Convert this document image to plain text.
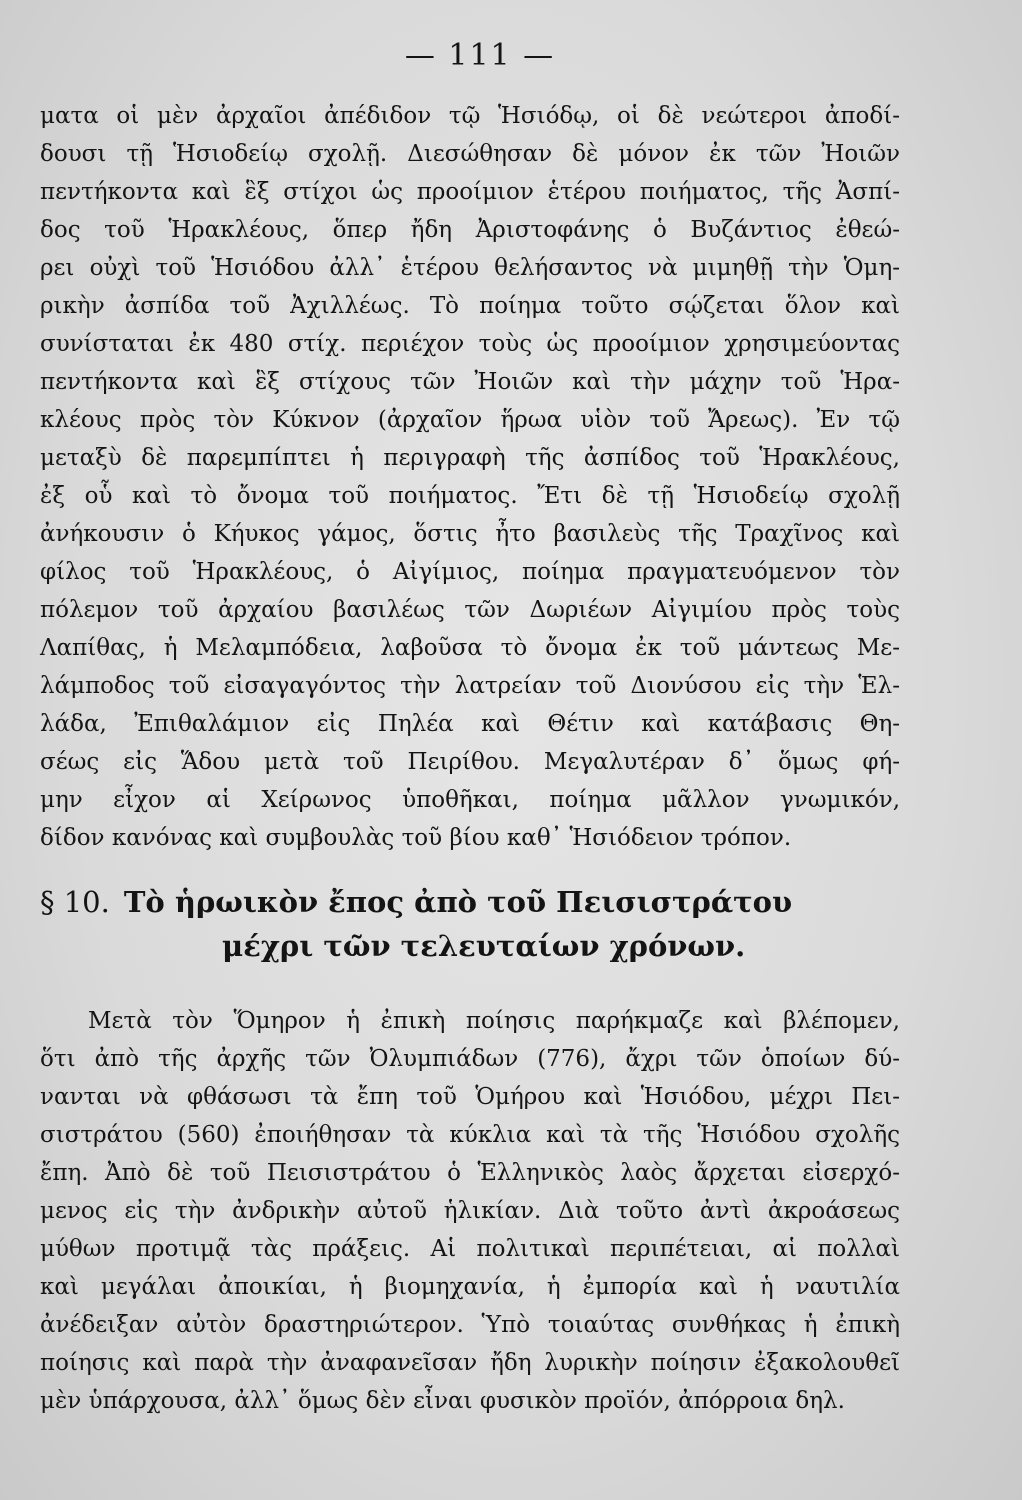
— 111 —
ματα οἱ μὲν ἀρχαῖοι ἀπέδιδον τῷ Ἡσιόδῳ, οἱ δὲ νεώτεροι ἀποδί-
δουσι τῇ Ἡσιοδείῳ σχολῇ. Διεσώθησαν δὲ μόνον ἐκ τῶν Ἠοιῶν
πεντήκοντα καὶ ἓξ στίχοι ὡς προοίμιον ἑτέρου ποιήματος, τῆς Ἀσπί-
δος τοῦ Ἡρακλέους, ὅπερ ἤδη Ἀριστοφάνης ὁ Βυζάντιος ἐθεώ-
ρει οὐχὶ τοῦ Ἡσιόδου ἀλλ᾽ ἑτέρου θελήσαντος νὰ μιμηθῇ τὴν Ὁμη-
ρικὴν ἀσπίδα τοῦ Ἀχιλλέως. Τὸ ποίημα τοῦτο σῴζεται ὅλον καὶ
συνίσταται ἐκ 480 στίχ. περιέχον τοὺς ὡς προοίμιον χρησιμεύοντας
πεντήκοντα καὶ ἓξ στίχους τῶν Ἠοιῶν καὶ τὴν μάχην τοῦ Ἡρα-
κλέους πρὸς τὸν Κύκνον (ἀρχαῖον ἥρωα υἱὸν τοῦ Ἄρεως). Ἐν τῷ
μεταξὺ δὲ παρεμπίπτει ἡ περιγραφὴ τῆς ἀσπίδος τοῦ Ἡρακλέους,
ἐξ οὗ καὶ τὸ ὄνομα τοῦ ποιήματος. Ἔτι δὲ τῇ Ἡσιοδείῳ σχολῇ
ἀνήκουσιν ὁ Κήυκος γάμος, ὅστις ἦτο βασιλεὺς τῆς Τραχῖνος καὶ
φίλος τοῦ Ἡρακλέους, ὁ Αἰγίμιος, ποίημα πραγματευόμενον τὸν
πόλεμον τοῦ ἀρχαίου βασιλέως τῶν Δωριέων Αἰγιμίου πρὸς τοὺς
Λαπίθας, ἡ Μελαμπόδεια, λαβοῦσα τὸ ὄνομα ἐκ τοῦ μάντεως Με-
λάμποδος τοῦ εἰσαγαγόντος τὴν λατρείαν τοῦ Διονύσου εἰς τὴν Ἑλ-
λάδα, Ἐπιθαλάμιον εἰς Πηλέα καὶ Θέτιν καὶ κατάβασις Θη-
σέως εἰς Ἅδου μετὰ τοῦ Πειρίθου. Μεγαλυτέραν δ᾽ ὅμως φή-
μην εἶχον αἱ Χείρωνος ὑποθῆκαι, ποίημα μᾶλλον γνωμικόν,
δίδον κανόνας καὶ συμβουλὰς τοῦ βίου καθ᾽ Ἡσιόδειον τρόπον.
§ 10. Τὸ ἡρωικὸν ἔπος ἀπὸ τοῦ Πεισιστράτου
μέχρι τῶν τελευταίων χρόνων.
Μετὰ τὸν Ὅμηρον ἡ ἐπικὴ ποίησις παρήκμαζε καὶ βλέπομεν,
ὅτι ἀπὸ τῆς ἀρχῆς τῶν Ὀλυμπιάδων (776), ἄχρι τῶν ὁποίων δύ-
νανται νὰ φθάσωσι τὰ ἔπη τοῦ Ὁμήρου καὶ Ἡσιόδου, μέχρι Πει-
σιστράτου (560) ἐποιήθησαν τὰ κύκλια καὶ τὰ τῆς Ἡσιόδου σχολῆς
ἔπη. Ἀπὸ δὲ τοῦ Πεισιστράτου ὁ Ἑλληνικὸς λαὸς ἄρχεται εἰσερχό-
μενος εἰς τὴν ἀνδρικὴν αὐτοῦ ἡλικίαν. Διὰ τοῦτο ἀντὶ ἀκροάσεως
μύθων προτιμᾷ τὰς πράξεις. Αἱ πολιτικαὶ περιπέτειαι, αἱ πολλαὶ
καὶ μεγάλαι ἀποικίαι, ἡ βιομηχανία, ἡ ἐμπορία καὶ ἡ ναυτιλία
ἀνέδειξαν αὐτὸν δραστηριώτερον. Ὑπὸ τοιαύτας συνθήκας ἡ ἐπικὴ
ποίησις καὶ παρὰ τὴν ἀναφανεῖσαν ἤδη λυρικὴν ποίησιν ἐξακολουθεῖ
μὲν ὑπάρχουσα, ἀλλ᾽ ὅμως δὲν εἶναι φυσικὸν προϊόν, ἀπόρροια δηλ.
